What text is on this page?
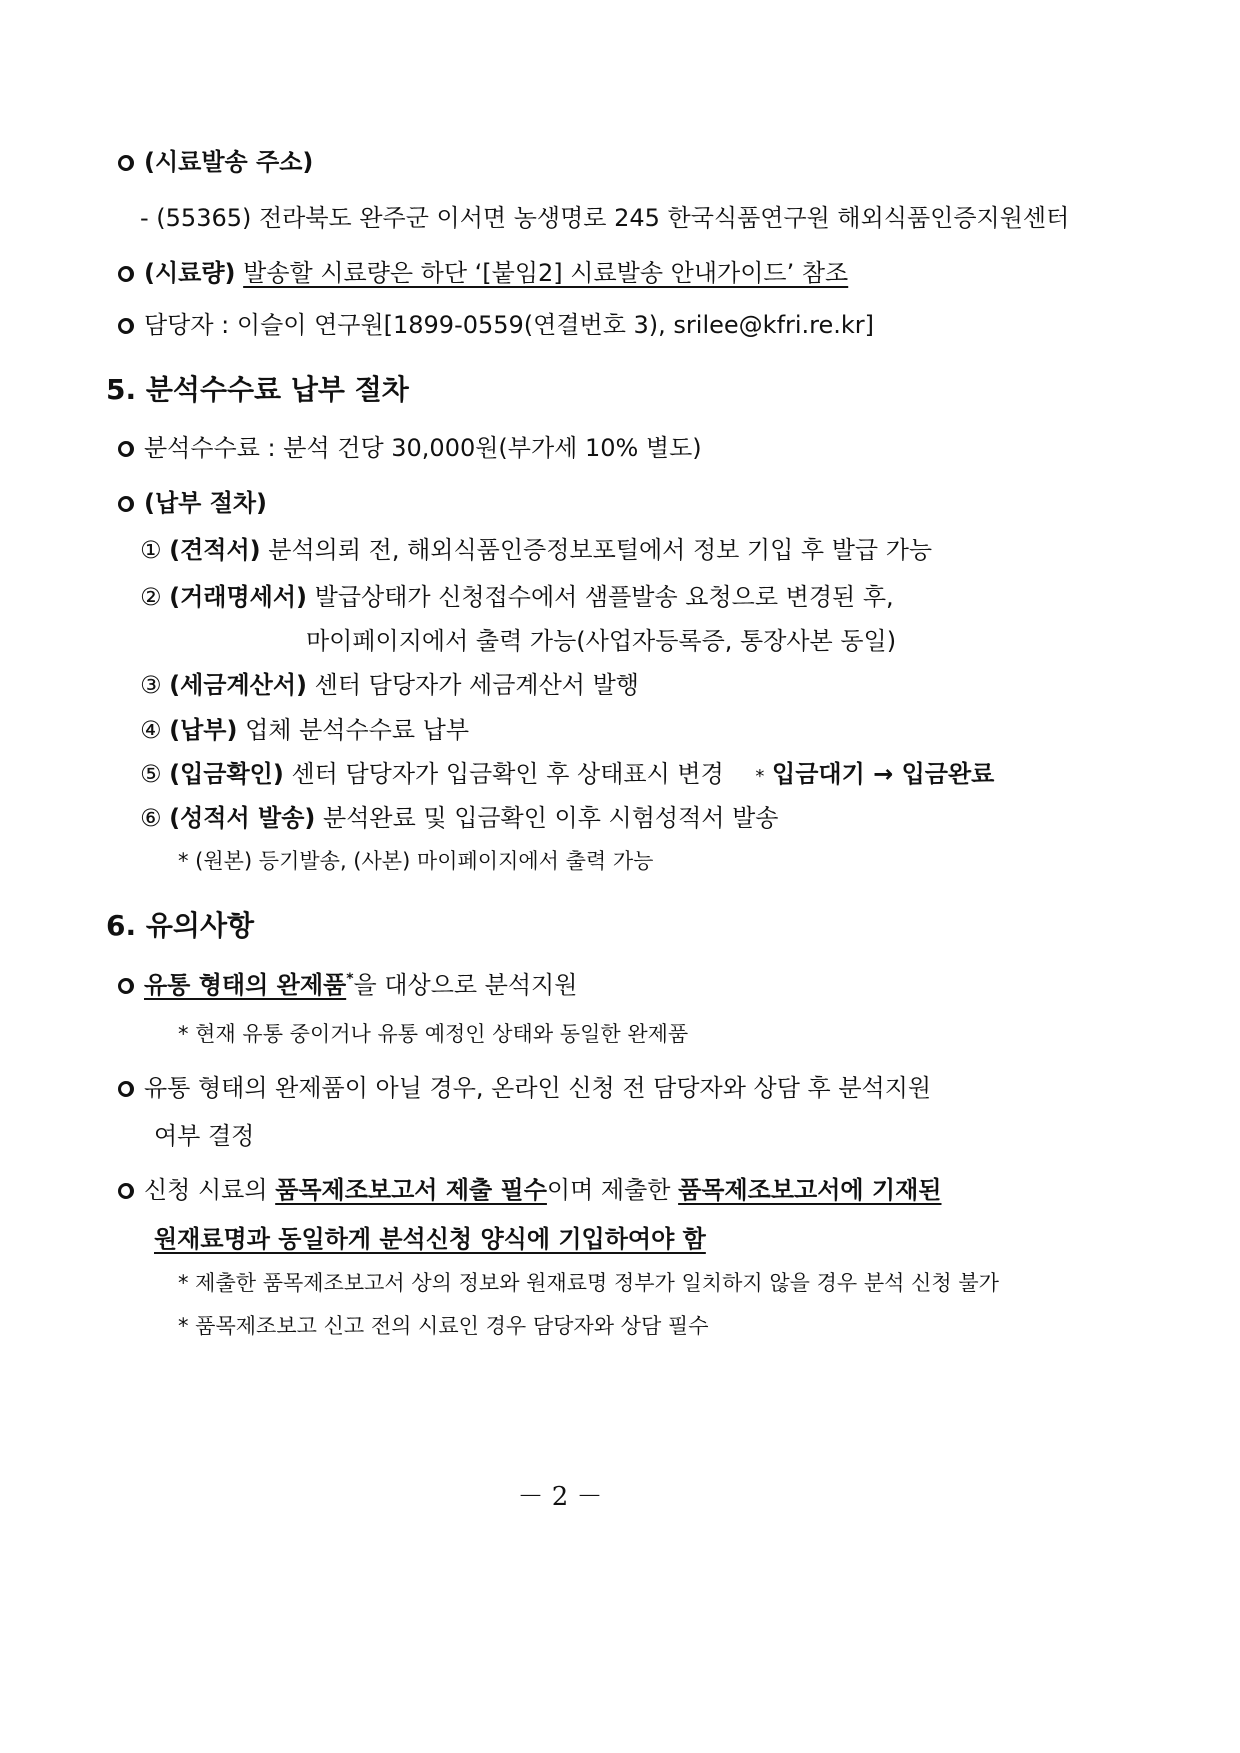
(시료발송 주소)
- (55365) 전라북도 완주군 이서면 농생명로 245 한국식품연구원 해외식품인증지원센터
(시료량) 발송할 시료량은 하단 ‘[붙임2] 시료발송 안내가이드’ 참조
담당자 : 이슬이 연구원[1899-0559(연결번호 3), srilee@kfri.re.kr]
5. 분석수수료 납부 절차
분석수수료 : 분석 건당 30,000원(부가세 10% 별도)
(납부 절차)
① (견적서) 분석의뢰 전, 해외식품인증정보포털에서 정보 기입 후 발급 가능
② (거래명세서) 발급상태가 신청접수에서 샘플발송 요청으로 변경된 후,
마이페이지에서 출력 가능(사업자등록증, 통장사본 동일)
③ (세금계산서) 센터 담당자가 세금계산서 발행
④ (납부) 업체 분석수수료 납부
⑤ (입금확인) 센터 담당자가 입금확인 후 상태표시 변경 * 입금대기 → 입금완료
⑥ (성적서 발송) 분석완료 및 입금확인 이후 시험성적서 발송
* (원본) 등기발송, (사본) 마이페이지에서 출력 가능
6. 유의사항
유통 형태의 완제품*을 대상으로 분석지원
* 현재 유통 중이거나 유통 예정인 상태와 동일한 완제품
유통 형태의 완제품이 아닐 경우, 온라인 신청 전 담당자와 상담 후 분석지원
여부 결정
신청 시료의 품목제조보고서 제출 필수이며 제출한 품목제조보고서에 기재된
원재료명과 동일하게 분석신청 양식에 기입하여야 함
* 제출한 품목제조보고서 상의 정보와 원재료명 정부가 일치하지 않을 경우 분석 신청 불가
* 품목제조보고 신고 전의 시료인 경우 담당자와 상담 필수
－ 2 －
